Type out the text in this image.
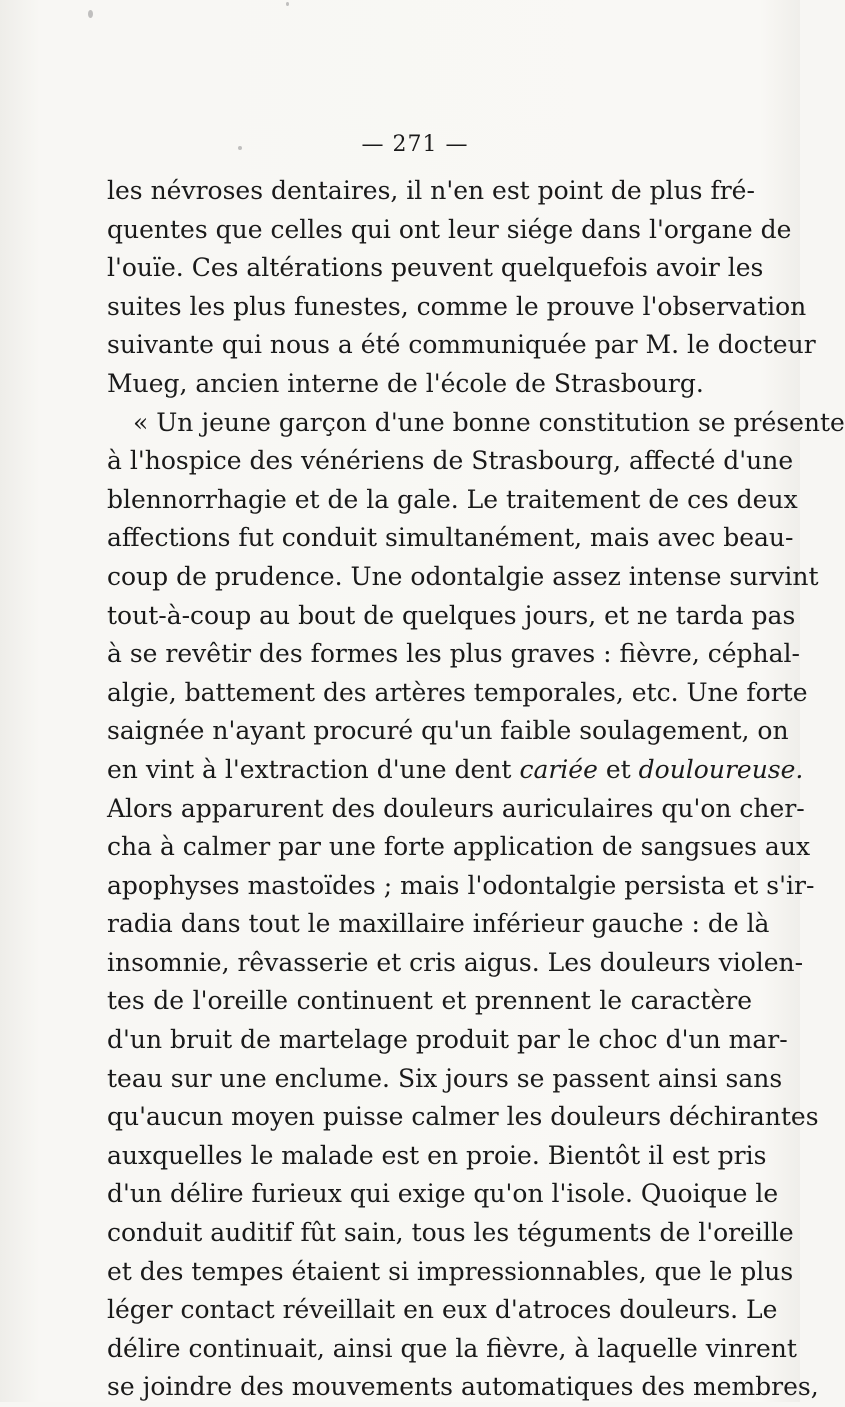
— 271 —
les névroses dentaires, il n'en est point de plus fré-
quentes que celles qui ont leur siége dans l'organe de
l'ouïe. Ces altérations peuvent quelquefois avoir les
suites les plus funestes, comme le prouve l'observation
suivante qui nous a été communiquée par M. le docteur
Mueg, ancien interne de l'école de Strasbourg.
« Un jeune garçon d'une bonne constitution se présente
à l'hospice des vénériens de Strasbourg, affecté d'une
blennorrhagie et de la gale. Le traitement de ces deux
affections fut conduit simultanément, mais avec beau-
coup de prudence. Une odontalgie assez intense survint
tout-à-coup au bout de quelques jours, et ne tarda pas
à se revêtir des formes les plus graves : fièvre, céphal-
algie, battement des artères temporales, etc. Une forte
saignée n'ayant procuré qu'un faible soulagement, on
en vint à l'extraction d'une dent cariée et douloureuse.
Alors apparurent des douleurs auriculaires qu'on cher-
cha à calmer par une forte application de sangsues aux
apophyses mastoïdes ; mais l'odontalgie persista et s'ir-
radia dans tout le maxillaire inférieur gauche : de là
insomnie, rêvasserie et cris aigus. Les douleurs violen-
tes de l'oreille continuent et prennent le caractère
d'un bruit de martelage produit par le choc d'un mar-
teau sur une enclume. Six jours se passent ainsi sans
qu'aucun moyen puisse calmer les douleurs déchirantes
auxquelles le malade est en proie. Bientôt il est pris
d'un délire furieux qui exige qu'on l'isole. Quoique le
conduit auditif fût sain, tous les téguments de l'oreille
et des tempes étaient si impressionnables, que le plus
léger contact réveillait en eux d'atroces douleurs. Le
délire continuait, ainsi que la fièvre, à laquelle vinrent
se joindre des mouvements automatiques des membres,
